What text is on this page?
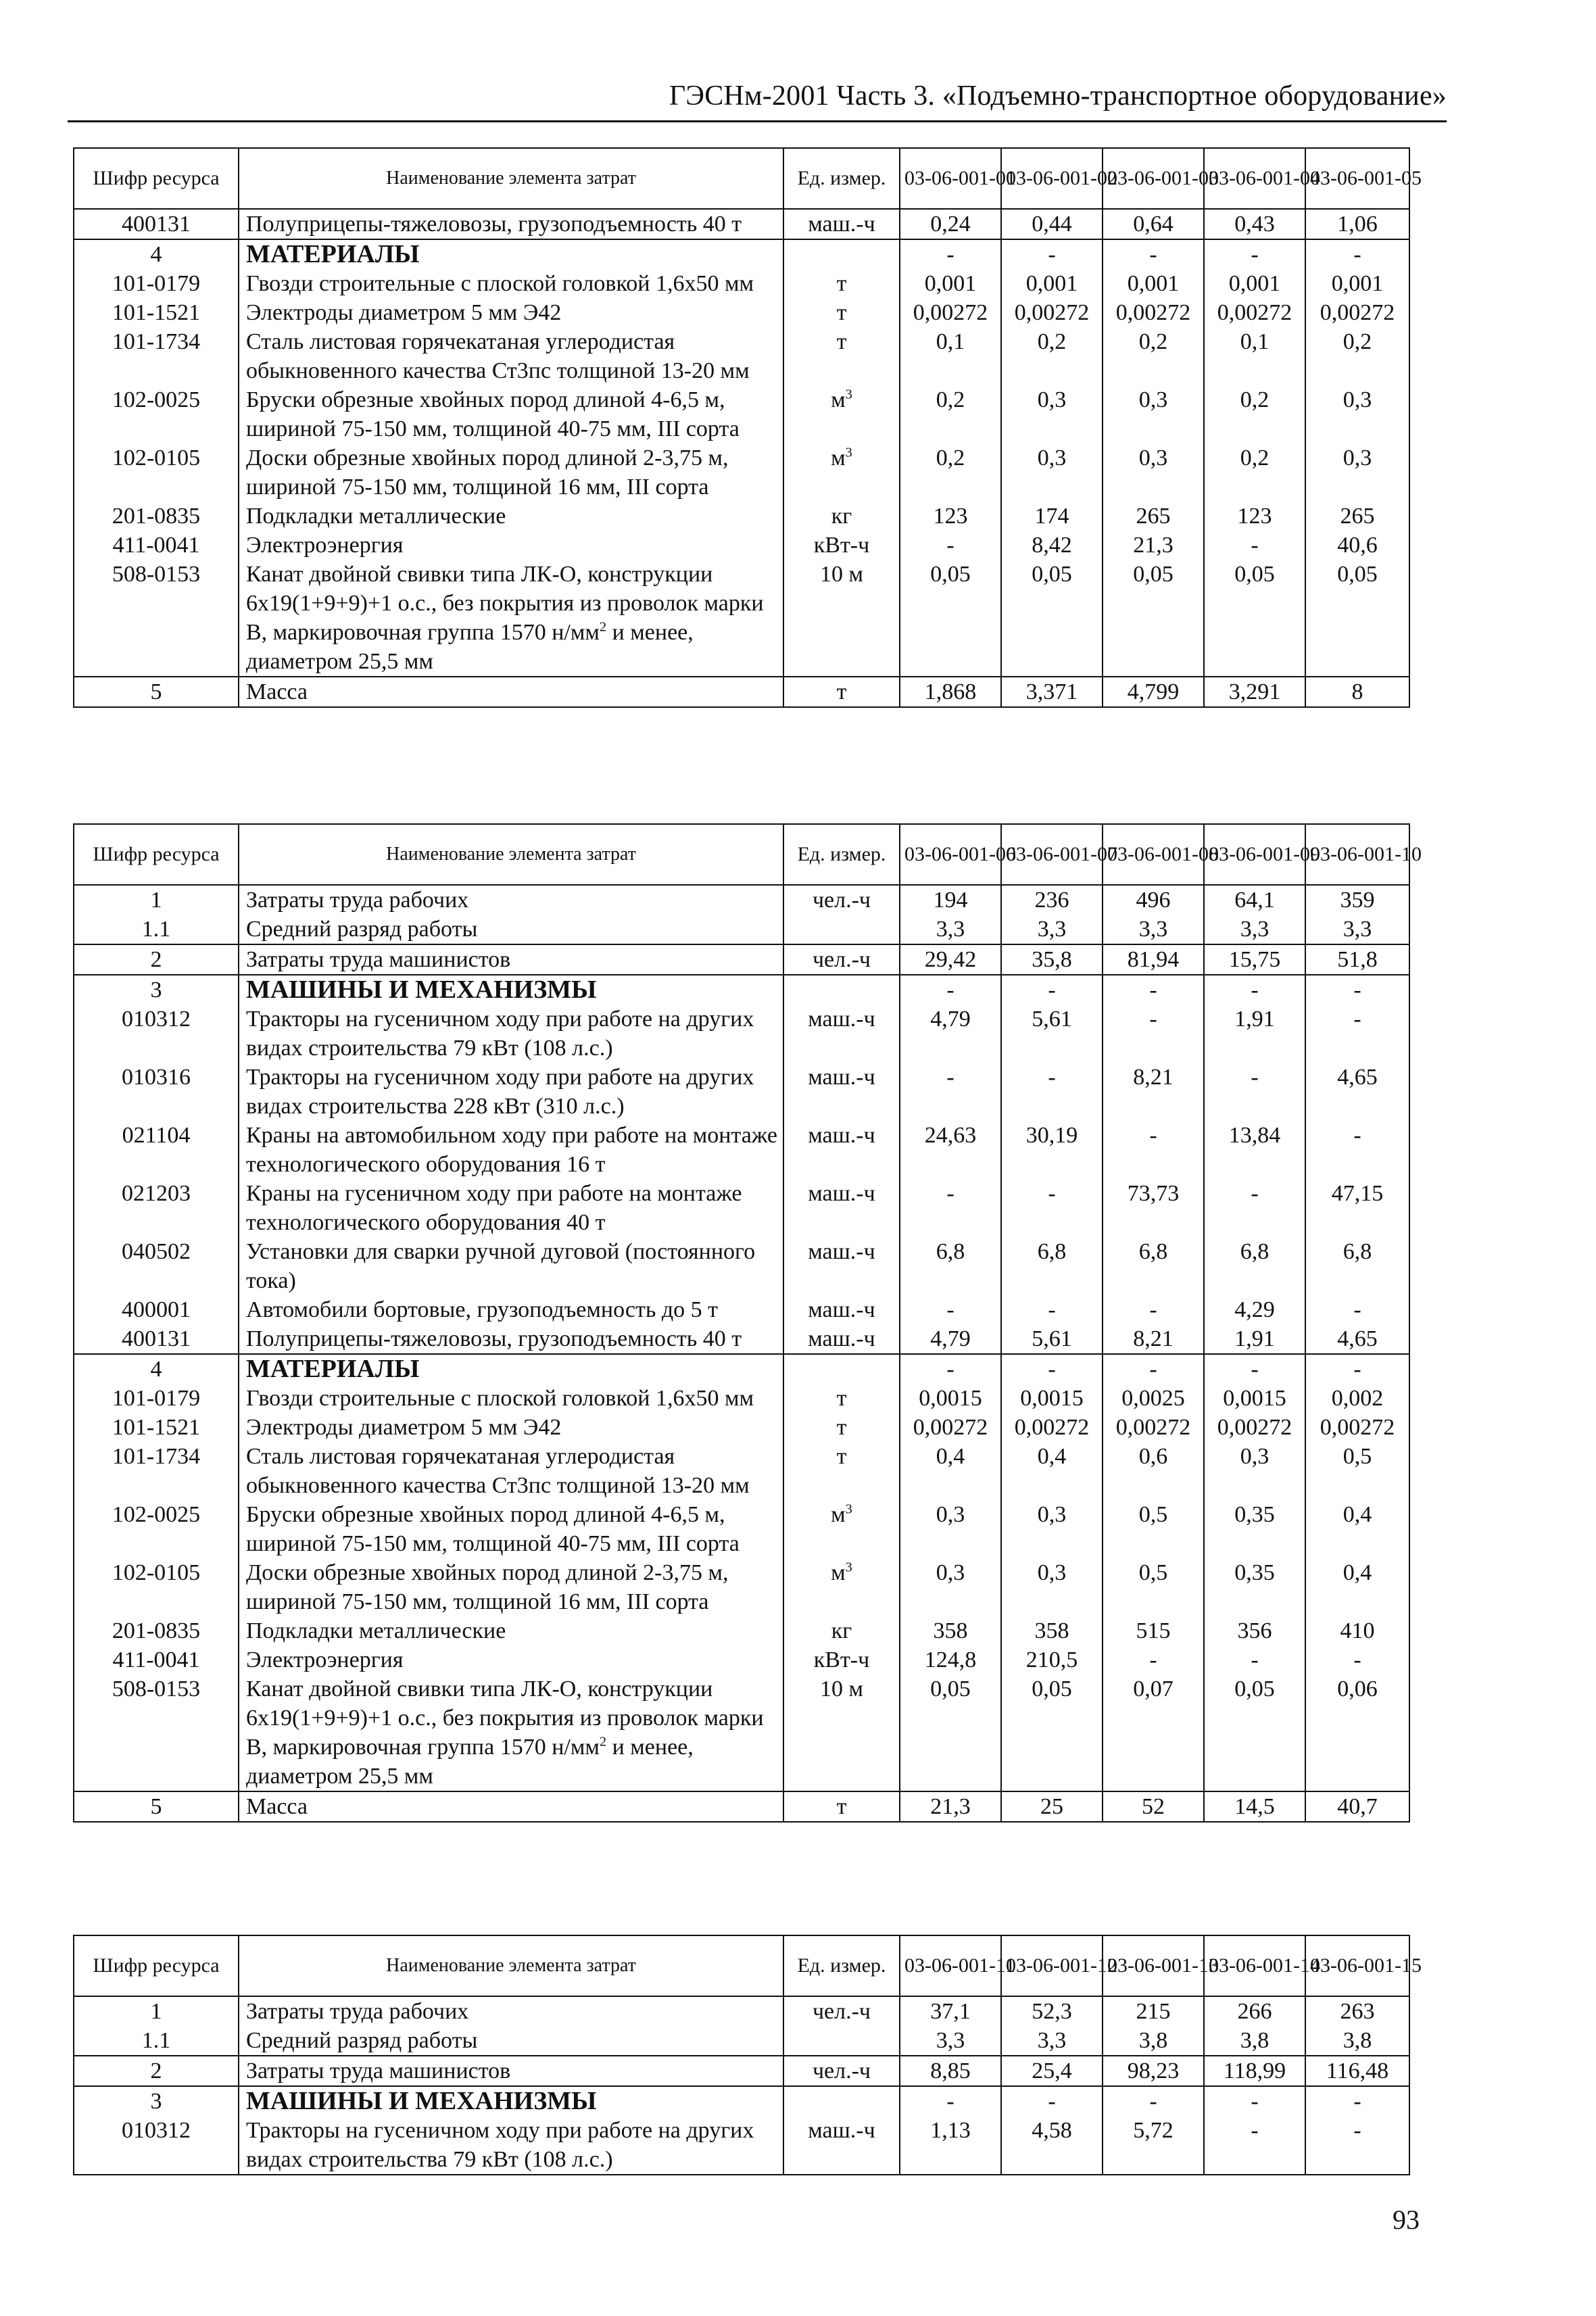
ГЭСНм-2001 Часть 3. «Подъемно-транспортное оборудование»
Шифр ресурса	Наименование элемента затрат	Ед. измер.	03-06-001-01	03-06-001-02	03-06-001-03	03-06-001-04	03-06-001-05
400131	Полуприцепы-тяжеловозы, грузоподъемность 40 т	маш.-ч	0,24	0,44	0,64	0,43	1,06
4	МАТЕРИАЛЫ		-	-	-	-	-
101-0179	Гвозди строительные с плоской головкой 1,6х50 мм	т	0,001	0,001	0,001	0,001	0,001
101-1521	Электроды диаметром 5 мм Э42	т	0,00272	0,00272	0,00272	0,00272	0,00272
101-1734	Сталь листовая горячекатаная углеродистая обыкновенного качества Ст3пс толщиной 13-20 мм	т	0,1	0,2	0,2	0,1	0,2
102-0025	Бруски обрезные хвойных пород длиной 4-6,5 м, шириной 75-150 мм, толщиной 40-75 мм, III сорта	$м^3$	0,2	0,3	0,3	0,2	0,3
102-0105	Доски обрезные хвойных пород длиной 2-3,75 м, шириной 75-150 мм, толщиной 16 мм, III сорта	$м^3$	0,2	0,3	0,3	0,2	0,3
201-0835	Подкладки металлические	кг	123	174	265	123	265
411-0041	Электроэнергия	кВт-ч	-	8,42	21,3	-	40,6
508-0153	Канат двойной свивки типа ЛК-О, конструкции 6х19(1+9+9)+1 о.с., без покрытия из проволок марки В, маркировочная группа 1570 $н/мм^2$ и менее, диаметром 25,5 мм	10 м	0,05	0,05	0,05	0,05	0,05
5	Масса	т	1,868	3,371	4,799	3,291	8
Шифр ресурса	Наименование элемента затрат	Ед. измер.	03-06-001-06	03-06-001-07	03-06-001-08	03-06-001-09	03-06-001-10
1	Затраты труда рабочих	чел.-ч	194	236	496	64,1	359
1.1	Средний разряд работы		3,3	3,3	3,3	3,3	3,3
2	Затраты труда машинистов	чел.-ч	29,42	35,8	81,94	15,75	51,8
3	МАШИНЫ И МЕХАНИЗМЫ		-	-	-	-	-
010312	Тракторы на гусеничном ходу при работе на других видах строительства 79 кВт (108 л.с.)	маш.-ч	4,79	5,61	-	1,91	-
010316	Тракторы на гусеничном ходу при работе на других видах строительства 228 кВт (310 л.с.)	маш.-ч	-	-	8,21	-	4,65
021104	Краны на автомобильном ходу при работе на монтаже технологического оборудования 16 т	маш.-ч	24,63	30,19	-	13,84	-
021203	Краны на гусеничном ходу при работе на монтаже технологического оборудования 40 т	маш.-ч	-	-	73,73	-	47,15
040502	Установки для сварки ручной дуговой (постоянного тока)	маш.-ч	6,8	6,8	6,8	6,8	6,8
400001	Автомобили бортовые, грузоподъемность до 5 т	маш.-ч	-	-	-	4,29	-
400131	Полуприцепы-тяжеловозы, грузоподъемность 40 т	маш.-ч	4,79	5,61	8,21	1,91	4,65
4	МАТЕРИАЛЫ		-	-	-	-	-
101-0179	Гвозди строительные с плоской головкой 1,6х50 мм	т	0,0015	0,0015	0,0025	0,0015	0,002
101-1521	Электроды диаметром 5 мм Э42	т	0,00272	0,00272	0,00272	0,00272	0,00272
101-1734	Сталь листовая горячекатаная углеродистая обыкновенного качества Ст3пс толщиной 13-20 мм	т	0,4	0,4	0,6	0,3	0,5
102-0025	Бруски обрезные хвойных пород длиной 4-6,5 м, шириной 75-150 мм, толщиной 40-75 мм, III сорта	$м^3$	0,3	0,3	0,5	0,35	0,4
102-0105	Доски обрезные хвойных пород длиной 2-3,75 м, шириной 75-150 мм, толщиной 16 мм, III сорта	$м^3$	0,3	0,3	0,5	0,35	0,4
201-0835	Подкладки металлические	кг	358	358	515	356	410
411-0041	Электроэнергия	кВт-ч	124,8	210,5	-	-	-
508-0153	Канат двойной свивки типа ЛК-О, конструкции 6х19(1+9+9)+1 о.с., без покрытия из проволок марки В, маркировочная группа 1570 $н/мм^2$ и менее, диаметром 25,5 мм	10 м	0,05	0,05	0,07	0,05	0,06
5	Масса	т	21,3	25	52	14,5	40,7
Шифр ресурса	Наименование элемента затрат	Ед. измер.	03-06-001-11	03-06-001-12	03-06-001-13	03-06-001-14	03-06-001-15
1	Затраты труда рабочих	чел.-ч	37,1	52,3	215	266	263
1.1	Средний разряд работы		3,3	3,3	3,8	3,8	3,8
2	Затраты труда машинистов	чел.-ч	8,85	25,4	98,23	118,99	116,48
3	МАШИНЫ И МЕХАНИЗМЫ		-	-	-	-	-
010312	Тракторы на гусеничном ходу при работе на других видах строительства 79 кВт (108 л.с.)	маш.-ч	1,13	4,58	5,72	-	-
93
